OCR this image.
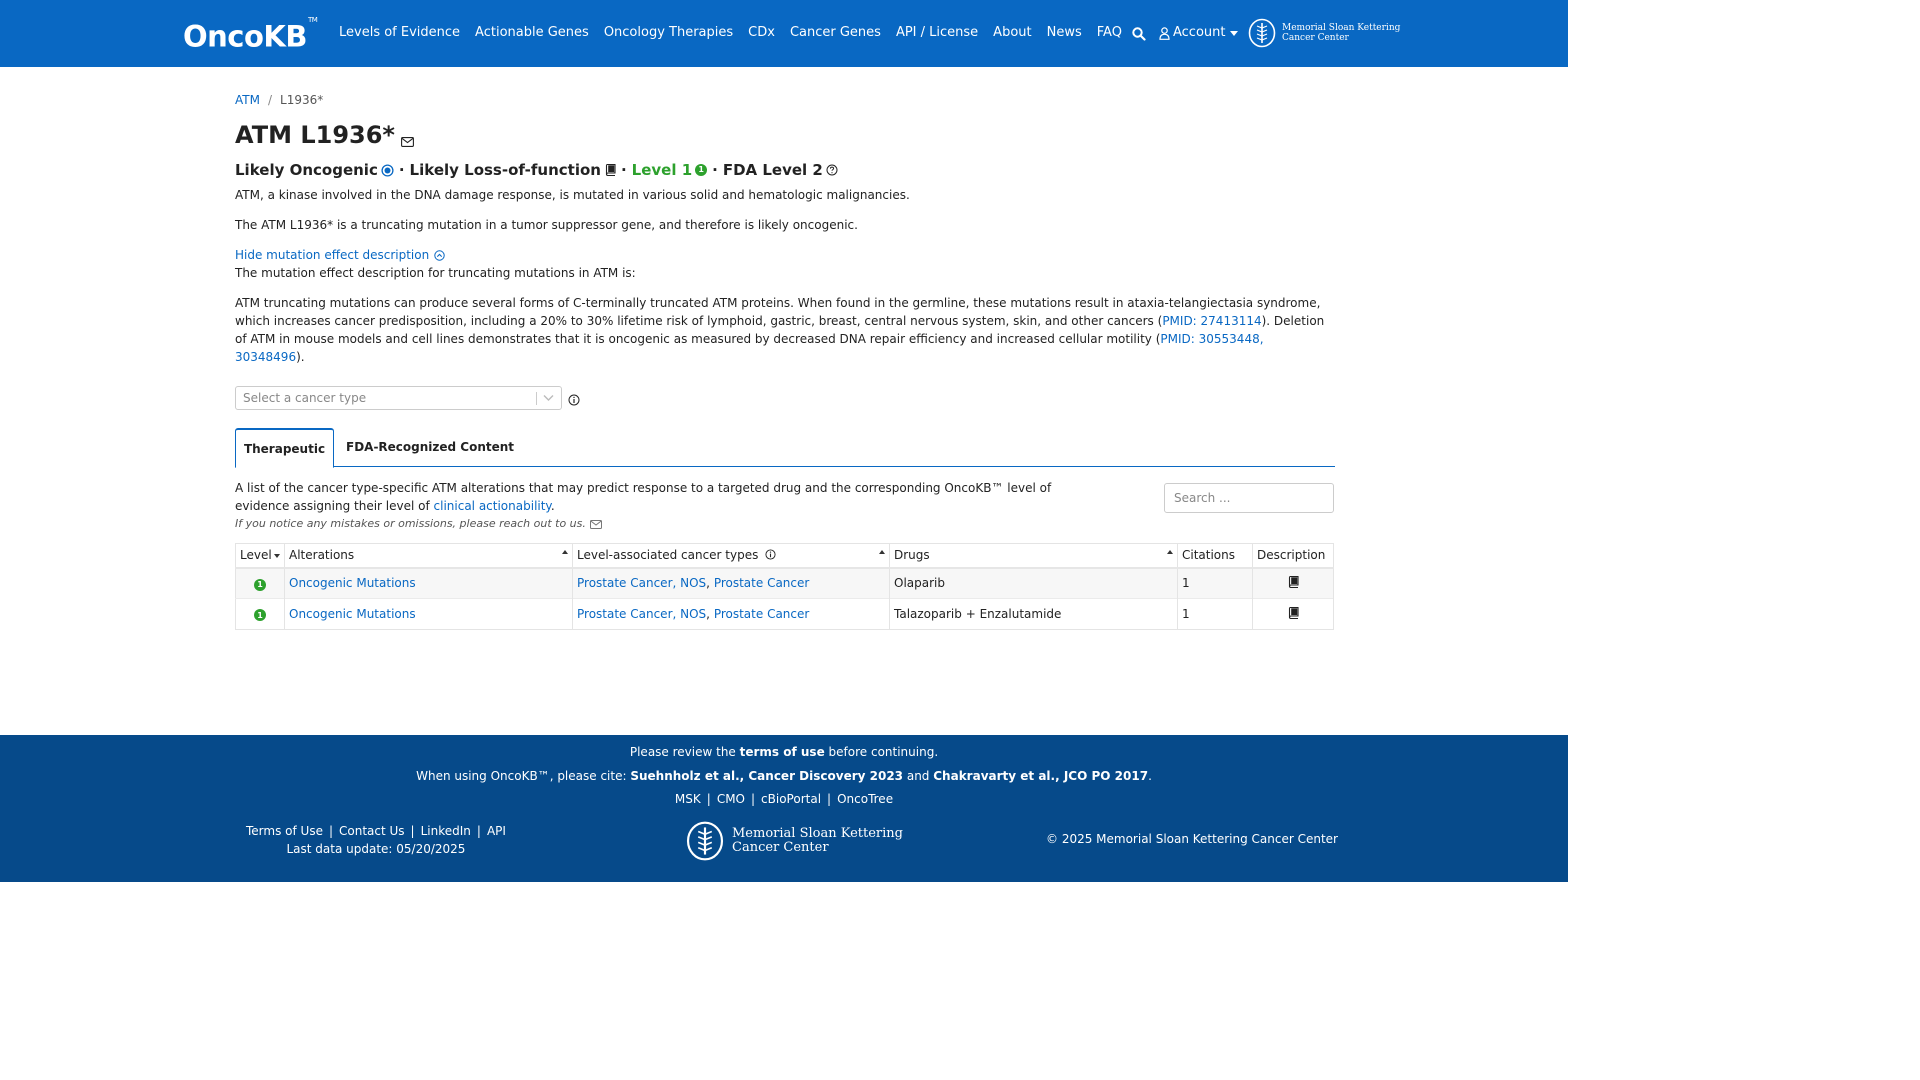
OncoKB™
Levels of Evidence Actionable Genes Oncology Therapies CDx Cancer Genes API / License About News FAQ	Account	Memorial Sloan Kettering
Cancer Center
ATM / L1936*
ATM L1936*
Likely Oncogenic · Likely Loss-of-function · Level 1 1 · FDA Level 2

ATM, a kinase involved in the DNA damage response, is mutated in various solid and hematologic malignancies.

The ATM L1936* is a truncating mutation in a tumor suppressor gene, and therefore is likely oncogenic.

Hide mutation effect description

The mutation effect description for truncating mutations in ATM is:

ATM truncating mutations can produce several forms of C-terminally truncated ATM proteins. When found in the germline, these mutations result in ataxia-telangiectasia syndrome, which increases cancer predisposition, including a 20% to 30% lifetime risk of lymphoid, gastric, breast, central nervous system, skin, and other cancers (PMID: 27413114). Deletion of ATM in mouse models and cell lines demonstrates that it is oncogenic as measured by decreased DNA repair efficiency and increased cellular motility (PMID: 30553448, 30348496).

Select a cancer type
Therapeutic	FDA-Recognized Content

A list of the cancer type-specific ATM alterations that may predict response to a targeted drug and the corresponding OncoKB™ level of evidence assigning their level of clinical actionability.

If you notice any mistakes or omissions, please reach out to us.
Search ...
Level	Alterations	Level-associated cancer types	Drugs	Citations	Description
1	Oncogenic Mutations	Prostate Cancer, NOS, Prostate Cancer	Olaparib	1	
1	Oncogenic Mutations	Prostate Cancer, NOS, Prostate Cancer	Talazoparib + Enzalutamide	1	
Please review the terms of use before continuing.
When using OncoKB™, please cite: Suehnholz et al., Cancer Discovery 2023 and Chakravarty et al., JCO PO 2017.
MSK | CMO | cBioPortal | OncoTree
Terms of Use | Contact Us | LinkedIn | API
Last data update: 05/20/2025
Memorial Sloan Kettering
Cancer Center
© 2025 Memorial Sloan Kettering Cancer Center
